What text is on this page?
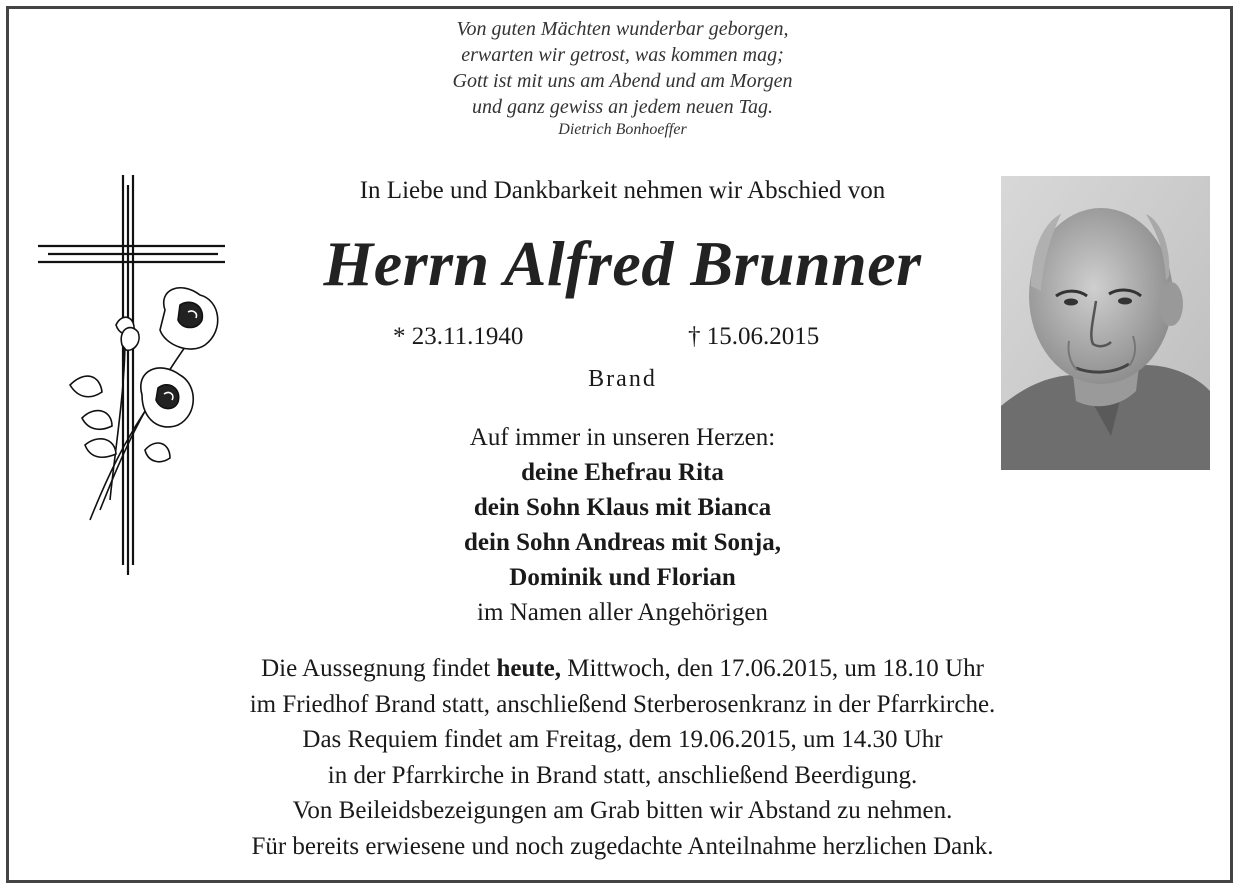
Von guten Mächten wunderbar geborgen,
erwarten wir getrost, was kommen mag;
Gott ist mit uns am Abend und am Morgen
und ganz gewiss an jedem neuen Tag.
Dietrich Bonhoeffer
In Liebe und Dankbarkeit nehmen wir Abschied von
Herrn Alfred Brunner
* 23.11.1940	† 15.06.2015
Brand
Auf immer in unseren Herzen:
deine Ehefrau Rita
dein Sohn Klaus mit Bianca
dein Sohn Andreas mit Sonja,
Dominik und Florian
im Namen aller Angehörigen
Die Aussegnung findet heute, Mittwoch, den 17.06.2015, um 18.10 Uhr
im Friedhof Brand statt, anschließend Sterberosenkranz in der Pfarrkirche.
Das Requiem findet am Freitag, dem 19.06.2015, um 14.30 Uhr
in der Pfarrkirche in Brand statt, anschließend Beerdigung.
Von Beileidsbezeigungen am Grab bitten wir Abstand zu nehmen.
Für bereits erwiesene und noch zugedachte Anteilnahme herzlichen Dank.
